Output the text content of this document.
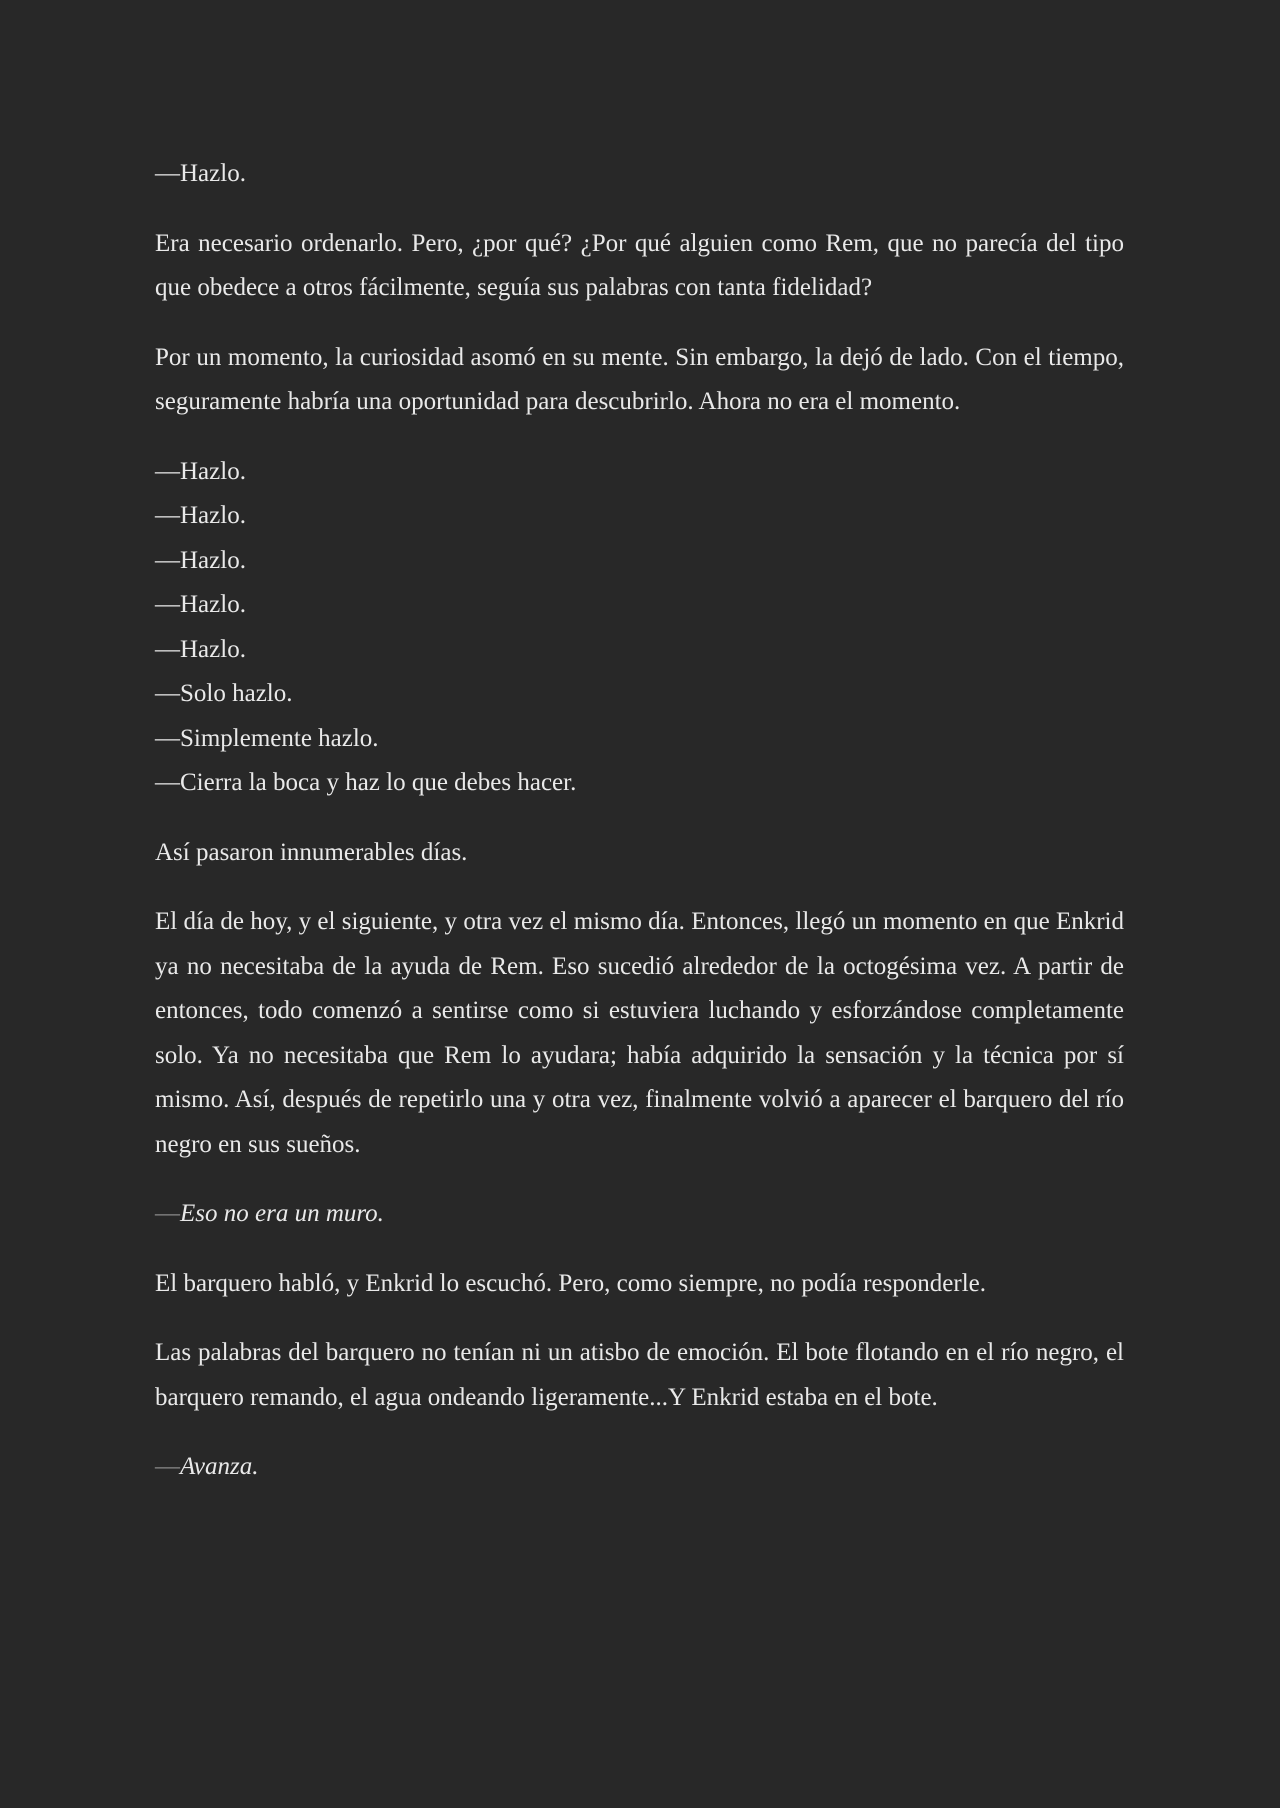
—Hazlo.

Era necesario ordenarlo. Pero, ¿por qué? ¿Por qué alguien como Rem, que no parecía del tipo que obedece a otros fácilmente, seguía sus palabras con tanta fidelidad?

Por un momento, la curiosidad asomó en su mente. Sin embargo, la dejó de lado. Con el tiempo, seguramente habría una oportunidad para descubrirlo. Ahora no era el momento.

—Hazlo.
—Hazlo.
—Hazlo.
—Hazlo.
—Hazlo.
—Solo hazlo.
—Simplemente hazlo.
—Cierra la boca y haz lo que debes hacer.

Así pasaron innumerables días.

El día de hoy, y el siguiente, y otra vez el mismo día. Entonces, llegó un momento en que Enkrid ya no necesitaba de la ayuda de Rem. Eso sucedió alrededor de la octogésima vez. A partir de entonces, todo comenzó a sentirse como si estuviera luchando y esforzándose completamente solo. Ya no necesitaba que Rem lo ayudara; había adquirido la sensación y la técnica por sí mismo. Así, después de repetirlo una y otra vez, finalmente volvió a aparecer el barquero del río negro en sus sueños.

—Eso no era un muro.

El barquero habló, y Enkrid lo escuchó. Pero, como siempre, no podía responderle.

Las palabras del barquero no tenían ni un atisbo de emoción. El bote flotando en el río negro, el barquero remando, el agua ondeando ligeramente...Y Enkrid estaba en el bote.

—Avanza.
